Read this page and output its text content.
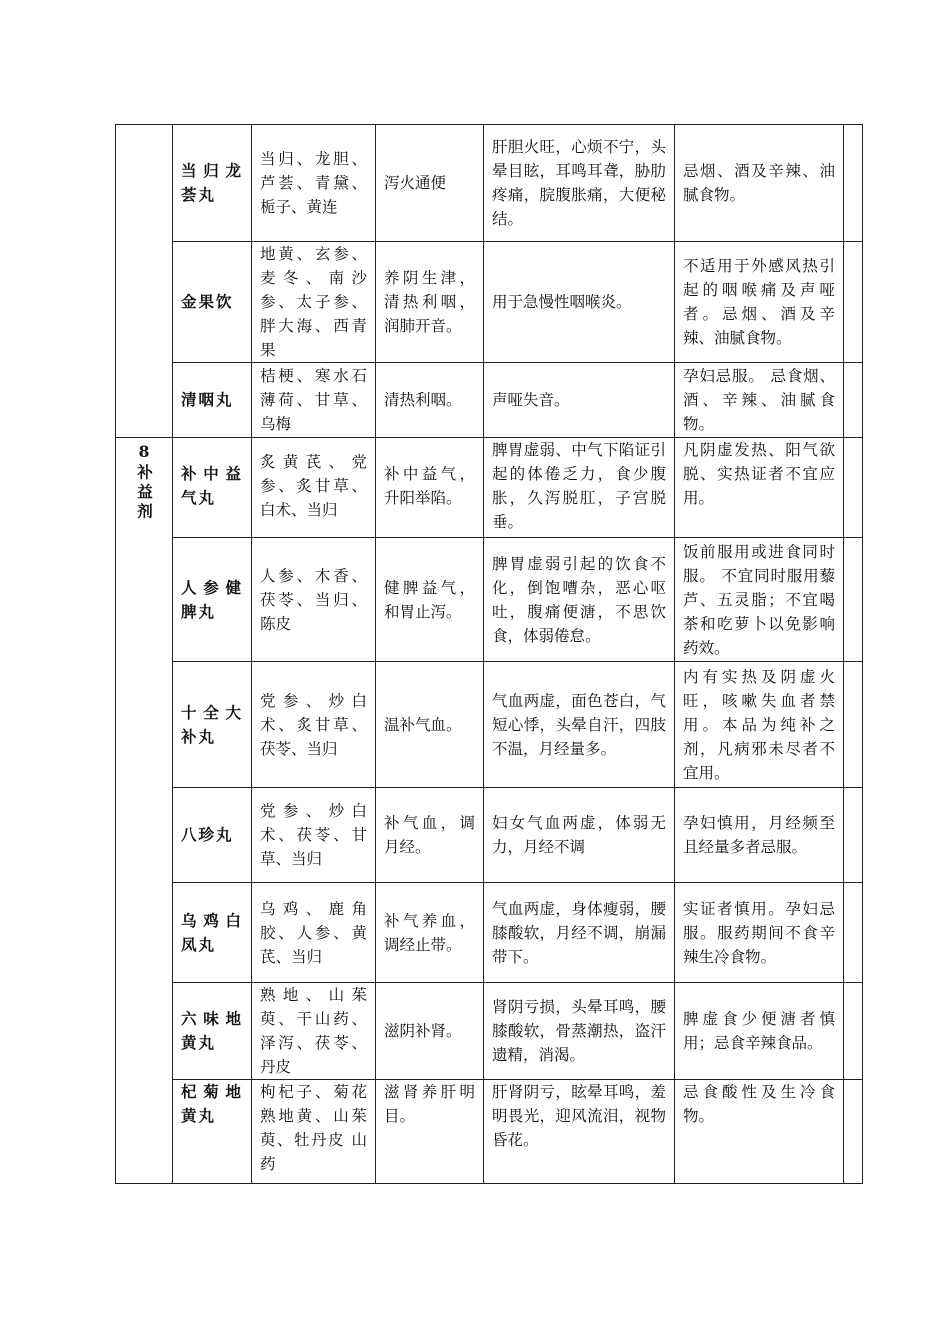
	当归龙荟丸	当归、龙胆、芦荟、青黛、栀子、黄连	泻火通便	肝胆火旺，心烦不宁，头晕目眩，耳鸣耳聋，胁肋疼痛，脘腹胀痛，大便秘结。	忌烟、酒及辛辣、油腻食物。	
	金果饮	地黄、玄参、麦冬、南沙参、太子参、胖大海、西青果	养阴生津，清热利咽，润肺开音。	用于急慢性咽喉炎。	不适用于外感风热引起的咽喉痛及声哑者。忌烟、酒及辛辣、油腻食物。	
	清咽丸	桔梗、寒水石薄荷、甘草、乌梅	清热利咽。	声哑失音。	孕妇忌服。 忌食烟、酒、辛辣、油腻食物。	

8
补益剂	补中益气丸	炙黄芪、党参、炙甘草、白术、当归	补中益气，升阳举陷。	脾胃虚弱、中气下陷证引起的体倦乏力，食少腹胀，久泻脱肛，子宫脱垂。	凡阴虚发热、阳气欲脱、实热证者不宜应用。	
	人参健脾丸	人参、木香、茯苓、当归、陈皮	健脾益气，和胃止泻。	脾胃虚弱引起的饮食不化，倒饱嘈杂，恶心呕吐，腹痛便溏，不思饮食，体弱倦怠。	饭前服用或进食同时服。 不宜同时服用藜芦、五灵脂；不宜喝茶和吃萝卜以免影响药效。	
	十全大补丸	党参、炒白术、炙甘草、茯苓、当归	温补气血。	气血两虚，面色苍白，气短心悸，头晕自汗，四肢不温，月经量多。	内有实热及阴虚火旺，咳嗽失血者禁用。本品为纯补之剂，凡病邪未尽者不宜用。	
	八珍丸	党参、炒白术、茯苓、甘草、当归	补气血，调月经。	妇女气血两虚，体弱无力，月经不调	孕妇慎用，月经频至且经量多者忌服。	
	乌鸡白凤丸	乌鸡、鹿角胶、人参、黄芪、当归	补气养血，调经止带。	气血两虚，身体瘦弱，腰膝酸软，月经不调，崩漏带下。	实证者慎用。孕妇忌服。服药期间不食辛辣生冷食物。	
	六味地黄丸	熟地、山茱萸、干山药、泽泻、茯苓、丹皮	滋阴补肾。	肾阴亏损，头晕耳鸣，腰膝酸软，骨蒸潮热，盗汗遗精，消渴。	脾虚食少便溏者慎用；忌食辛辣食品。	
	杞菊地黄丸	枸杞子、菊花熟地黄、山茱萸、牡丹皮 山药	滋肾养肝明目。	肝肾阴亏，眩晕耳鸣，羞明畏光，迎风流泪，视物昏花。	忌食酸性及生冷食物。	
